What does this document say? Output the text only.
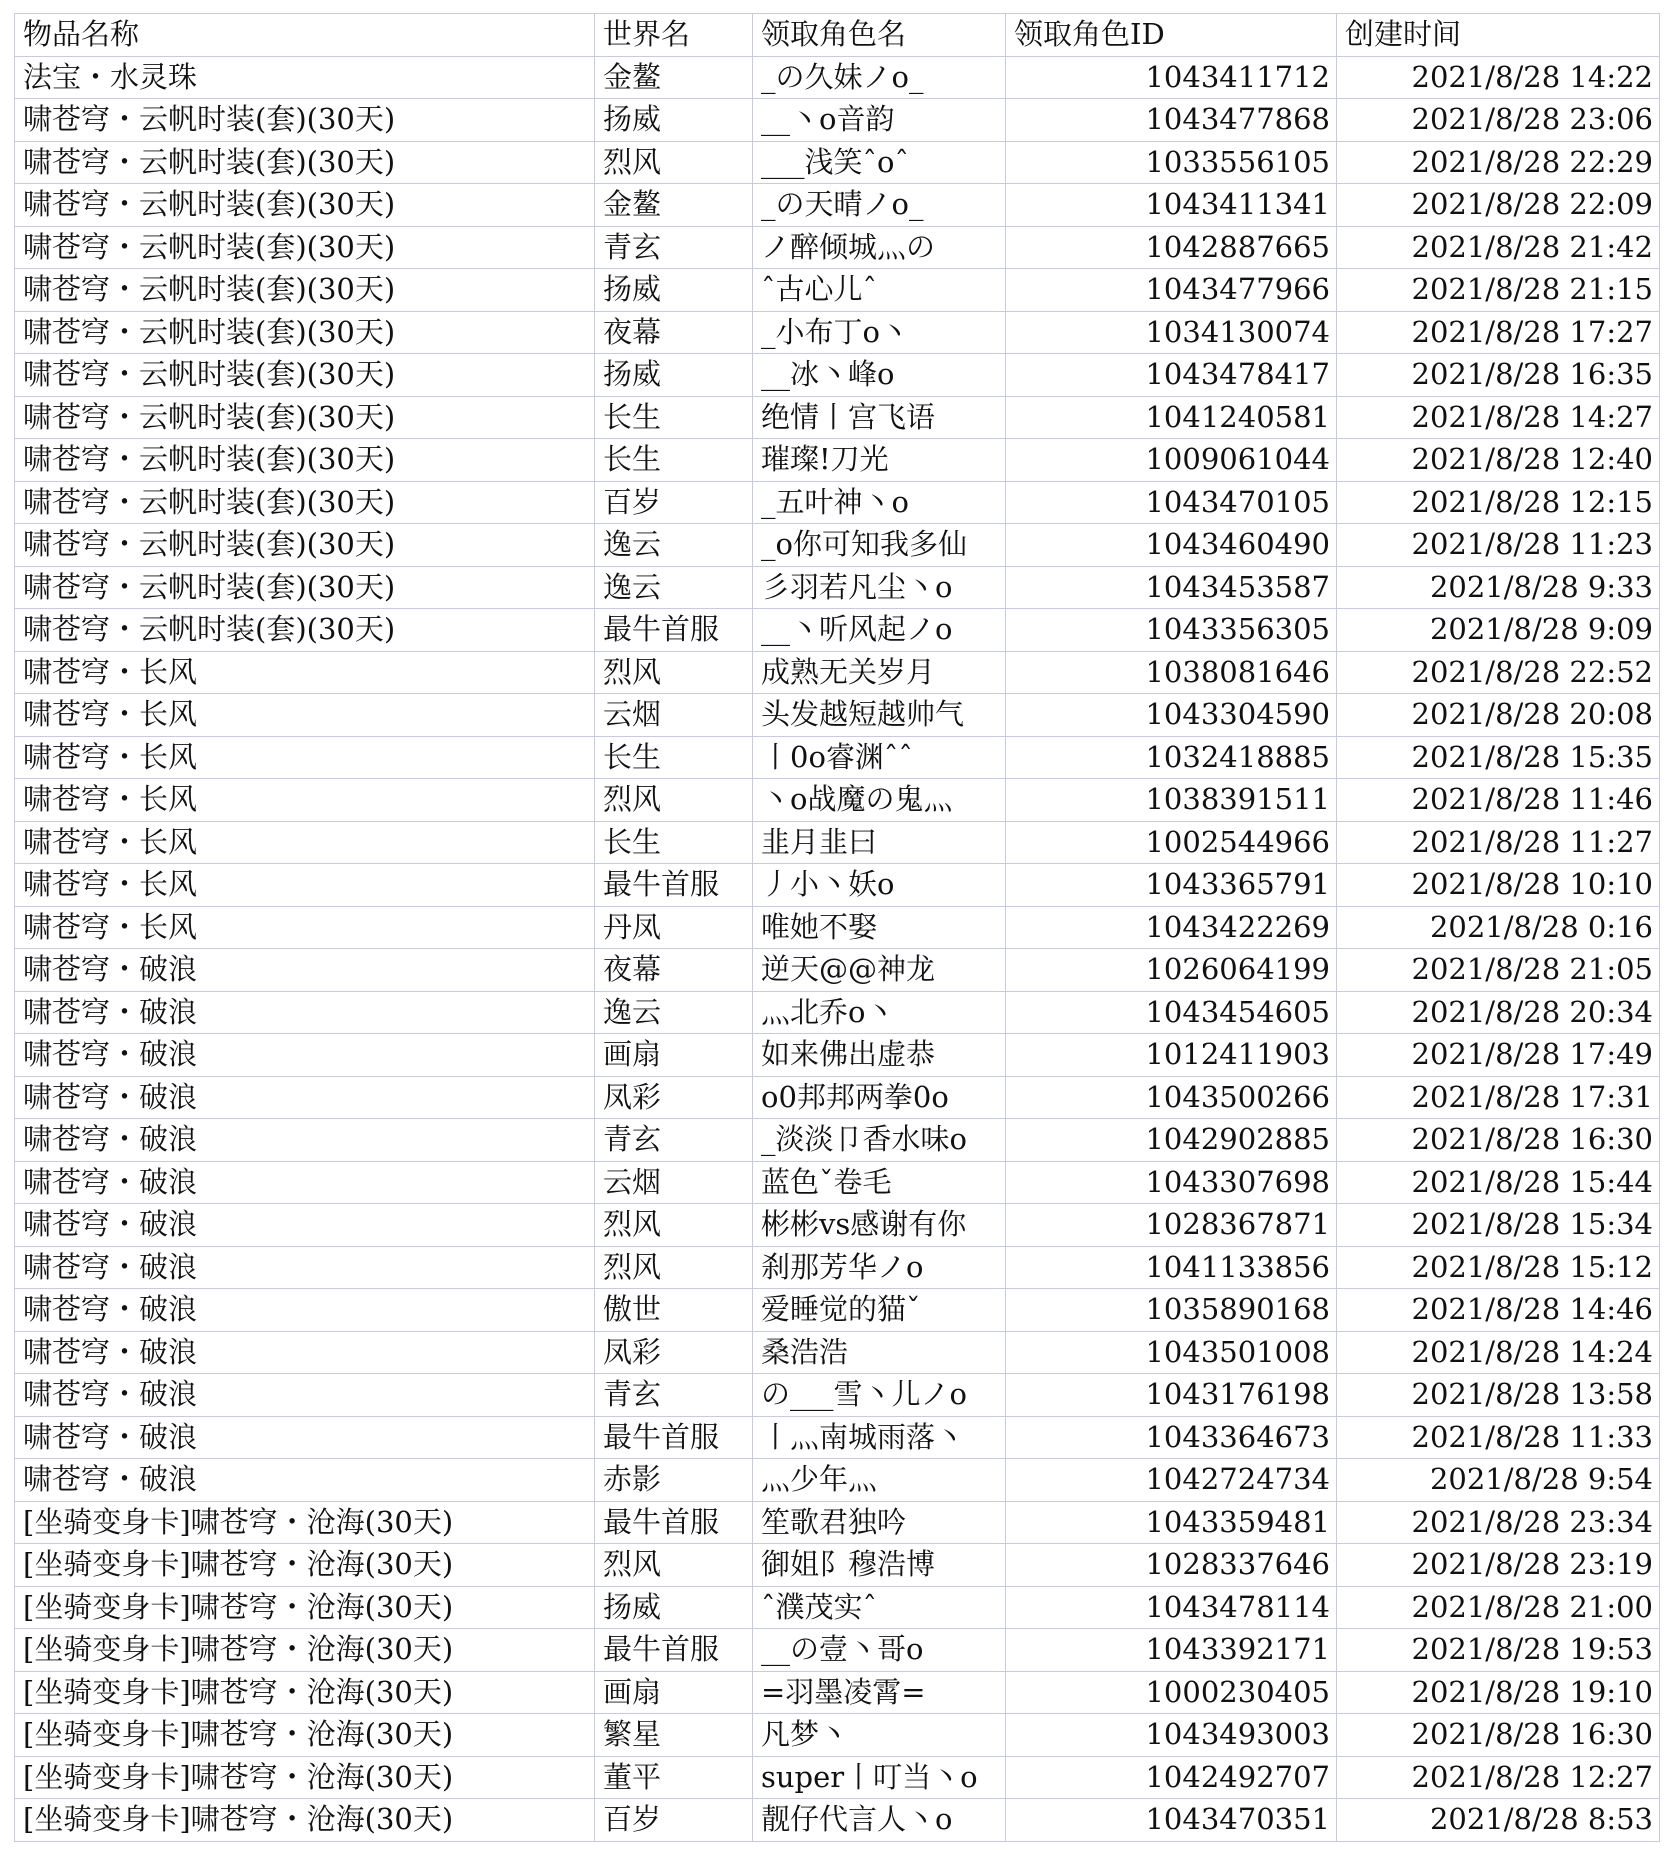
物品名称	世界名	领取角色名	领取角色ID	创建时间
法宝・水灵珠	金鳌	_の久妹ノo_	1043411712	2021/8/28 14:22
啸苍穹・云帆时装(套)(30天)	扬威	__丶o音韵	1043477868	2021/8/28 23:06
啸苍穹・云帆时装(套)(30天)	烈风	___浅笑ˆoˆ	1033556105	2021/8/28 22:29
啸苍穹・云帆时装(套)(30天)	金鳌	_の天晴ノo_	1043411341	2021/8/28 22:09
啸苍穹・云帆时装(套)(30天)	青玄	ノ醉倾城灬の	1042887665	2021/8/28 21:42
啸苍穹・云帆时装(套)(30天)	扬威	ˆ古心儿ˆ	1043477966	2021/8/28 21:15
啸苍穹・云帆时装(套)(30天)	夜幕	_小布丁o丶	1034130074	2021/8/28 17:27
啸苍穹・云帆时装(套)(30天)	扬威	__冰丶峰o	1043478417	2021/8/28 16:35
啸苍穹・云帆时装(套)(30天)	长生	绝情丨宫飞语	1041240581	2021/8/28 14:27
啸苍穹・云帆时装(套)(30天)	长生	璀璨!刀光	1009061044	2021/8/28 12:40
啸苍穹・云帆时装(套)(30天)	百岁	_五叶神丶o	1043470105	2021/8/28 12:15
啸苍穹・云帆时装(套)(30天)	逸云	_o你可知我多仙	1043460490	2021/8/28 11:23
啸苍穹・云帆时装(套)(30天)	逸云	彡羽若凡尘丶o	1043453587	2021/8/28 9:33
啸苍穹・云帆时装(套)(30天)	最牛首服	__丶听风起ノo	1043356305	2021/8/28 9:09
啸苍穹・长风	烈风	成熟无关岁月	1038081646	2021/8/28 22:52
啸苍穹・长风	云烟	头发越短越帅气	1043304590	2021/8/28 20:08
啸苍穹・长风	长生	丨0o睿渊ˆˆ	1032418885	2021/8/28 15:35
啸苍穹・长风	烈风	丶o战魔の鬼灬	1038391511	2021/8/28 11:46
啸苍穹・长风	长生	韭月韭曰	1002544966	2021/8/28 11:27
啸苍穹・长风	最牛首服	丿小丶妖o	1043365791	2021/8/28 10:10
啸苍穹・长风	丹凤	唯她不娶	1043422269	2021/8/28 0:16
啸苍穹・破浪	夜幕	逆天@@神龙	1026064199	2021/8/28 21:05
啸苍穹・破浪	逸云	灬北乔o丶	1043454605	2021/8/28 20:34
啸苍穹・破浪	画扇	如来佛出虚恭	1012411903	2021/8/28 17:49
啸苍穹・破浪	凤彩	o0邦邦两拳0o	1043500266	2021/8/28 17:31
啸苍穹・破浪	青玄	_淡淡卩香水味o	1042902885	2021/8/28 16:30
啸苍穹・破浪	云烟	蓝色ˇ卷毛	1043307698	2021/8/28 15:44
啸苍穹・破浪	烈风	彬彬vs感谢有你	1028367871	2021/8/28 15:34
啸苍穹・破浪	烈风	刹那芳华ノo	1041133856	2021/8/28 15:12
啸苍穹・破浪	傲世	爱睡觉的猫ˇ	1035890168	2021/8/28 14:46
啸苍穹・破浪	凤彩	桑浩浩	1043501008	2021/8/28 14:24
啸苍穹・破浪	青玄	の___雪丶儿ノo	1043176198	2021/8/28 13:58
啸苍穹・破浪	最牛首服	丨灬南城雨落丶	1043364673	2021/8/28 11:33
啸苍穹・破浪	赤影	灬少年灬	1042724734	2021/8/28 9:54
[坐骑变身卡]啸苍穹・沧海(30天)	最牛首服	笙歌君独吟	1043359481	2021/8/28 23:34
[坐骑变身卡]啸苍穹・沧海(30天)	烈风	御姐阝穆浩博	1028337646	2021/8/28 23:19
[坐骑变身卡]啸苍穹・沧海(30天)	扬威	ˆ濮茂实ˆ	1043478114	2021/8/28 21:00
[坐骑变身卡]啸苍穹・沧海(30天)	最牛首服	__の壹丶哥o	1043392171	2021/8/28 19:53
[坐骑变身卡]啸苍穹・沧海(30天)	画扇	=羽墨凌霄=	1000230405	2021/8/28 19:10
[坐骑变身卡]啸苍穹・沧海(30天)	繁星	凡梦丶	1043493003	2021/8/28 16:30
[坐骑变身卡]啸苍穹・沧海(30天)	董平	super丨叮当丶o	1042492707	2021/8/28 12:27
[坐骑变身卡]啸苍穹・沧海(30天)	百岁	靓仔代言人丶o	1043470351	2021/8/28 8:53
